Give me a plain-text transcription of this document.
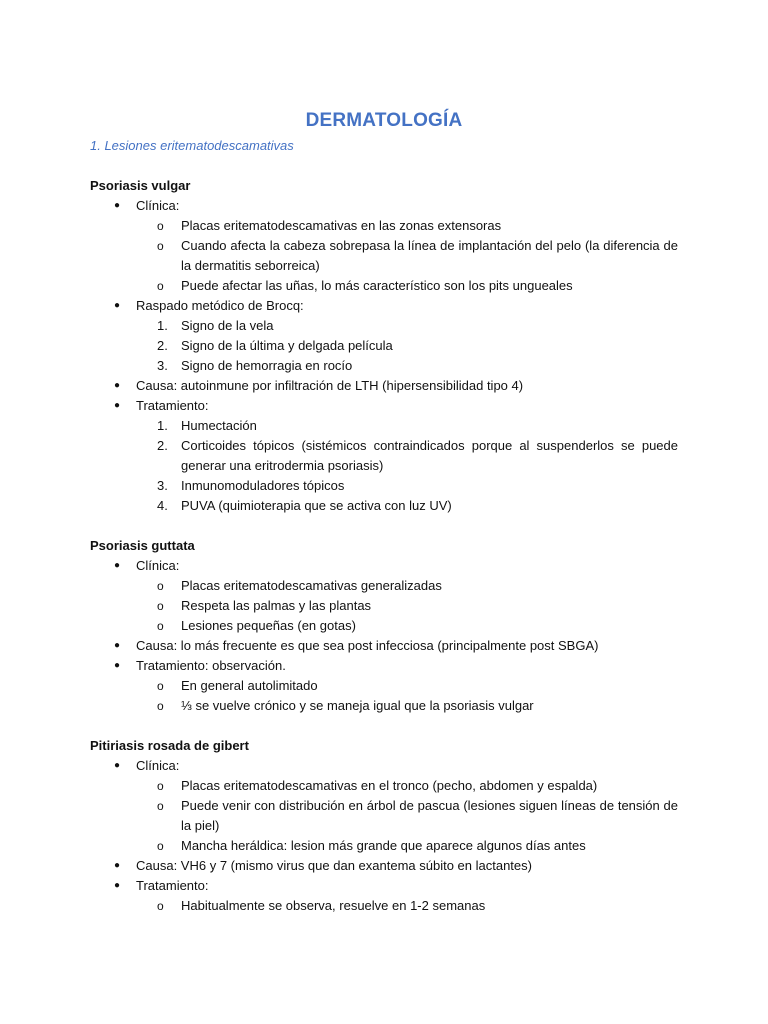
DERMATOLOGÍA
1. Lesiones eritematodescamativas
Psoriasis vulgar
● Clínica:
o Placas eritematodescamativas en las zonas extensoras
o Cuando afecta la cabeza sobrepasa la línea de implantación del pelo (la diferencia de la dermatitis seborreica)
o Puede afectar las uñas, lo más característico son los pits ungueales
● Raspado metódico de Brocq:
1. Signo de la vela
2. Signo de la última y delgada película
3. Signo de hemorragia en rocío
● Causa: autoinmune por infiltración de LTH (hipersensibilidad tipo 4)
● Tratamiento:
1. Humectación
2. Corticoides tópicos (sistémicos contraindicados porque al suspenderlos se puede generar una eritrodermia psoriasis)
3. Inmunomoduladores tópicos
4. PUVA (quimioterapia que se activa con luz UV)
Psoriasis guttata
● Clínica:
o Placas eritematodescamativas generalizadas
o Respeta las palmas y las plantas
o Lesiones pequeñas (en gotas)
● Causa: lo más frecuente es que sea post infecciosa (principalmente post SBGA)
● Tratamiento: observación.
o En general autolimitado
o ⅓ se vuelve crónico y se maneja igual que la psoriasis vulgar
Pitiriasis rosada de gibert
● Clínica:
o Placas eritematodescamativas en el tronco (pecho, abdomen y espalda)
o Puede venir con distribución en árbol de pascua (lesiones siguen líneas de tensión de la piel)
o Mancha heráldica: lesion más grande que aparece algunos días antes
● Causa: VH6 y 7 (mismo virus que dan exantema súbito en lactantes)
● Tratamiento:
o Habitualmente se observa, resuelve en 1-2 semanas
